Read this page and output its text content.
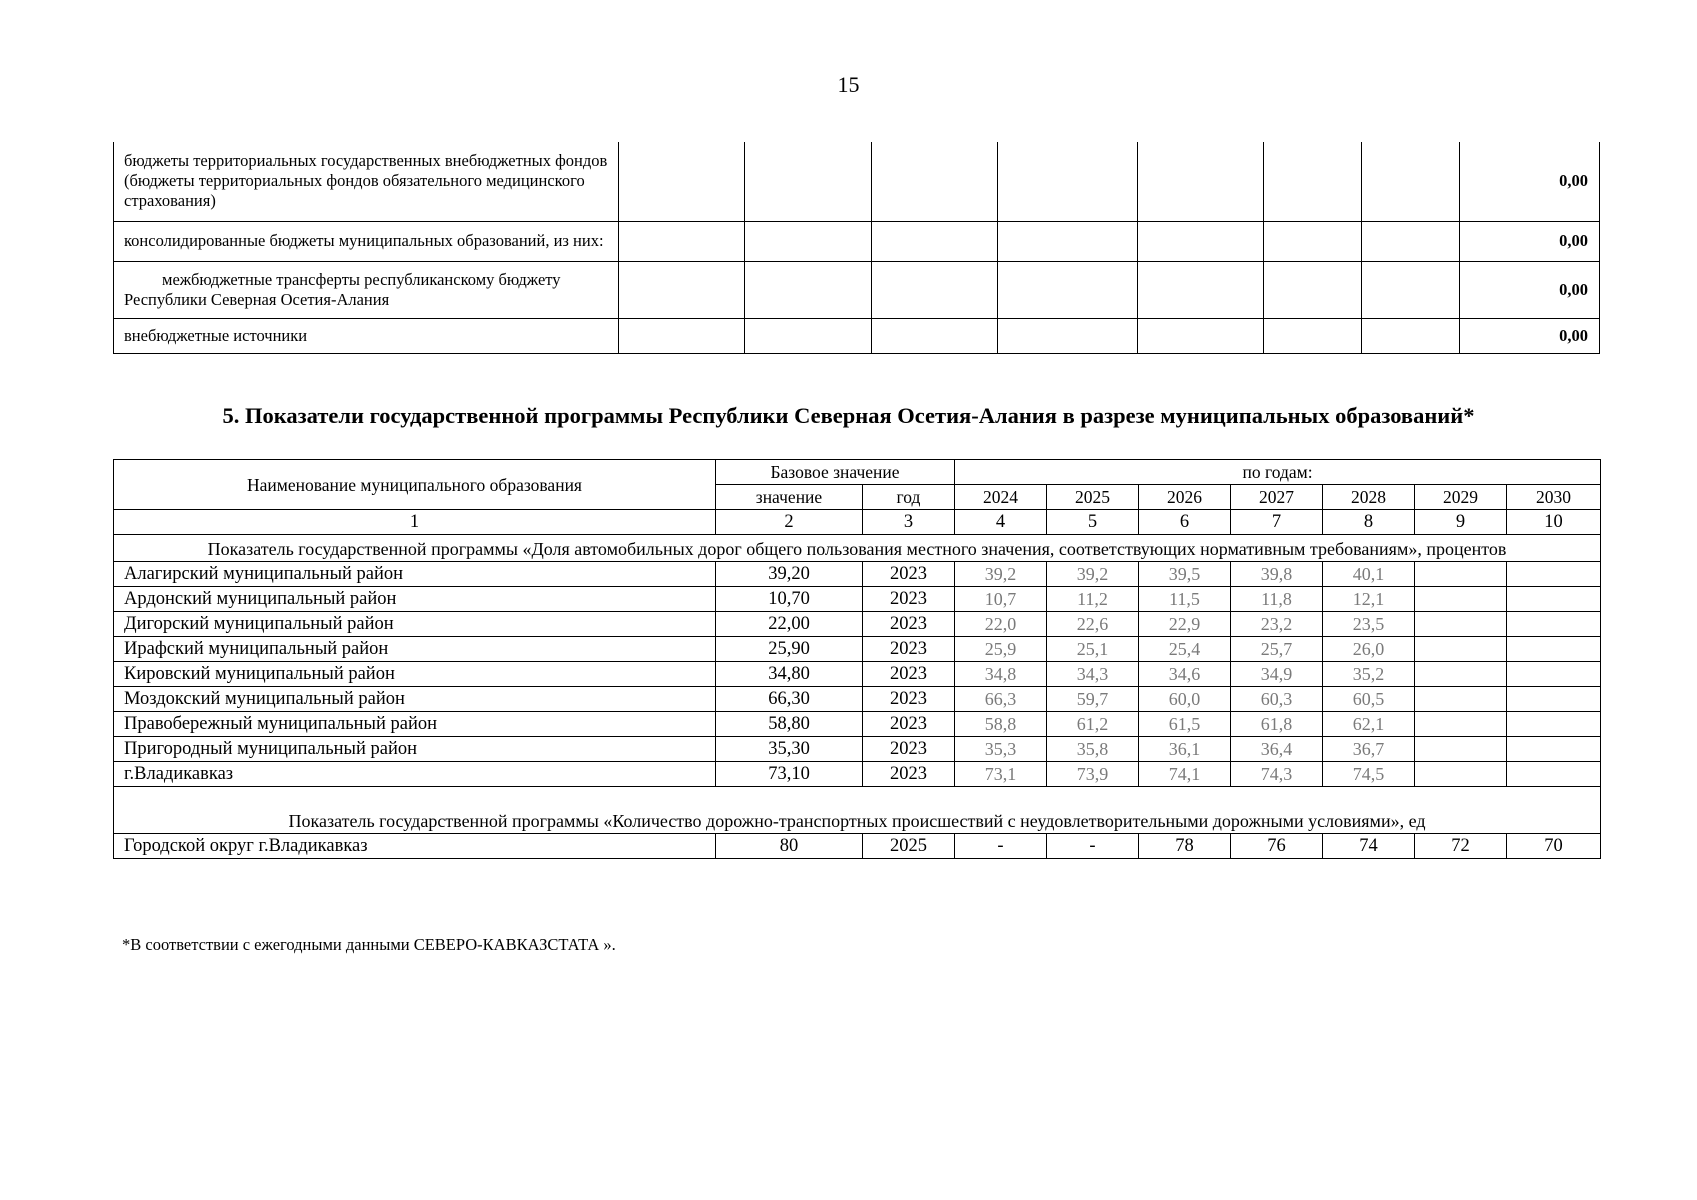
15
бюджеты территориальных государственных внебюджетных фондов (бюджеты территориальных фондов обязательного медицинского страхования)								0,00
консолидированные бюджеты муниципальных образований, из них:								0,00
межбюджетные трансферты республиканскому бюджету Республики Северная Осетия-Алания								0,00
внебюджетные источники								0,00
5. Показатели государственной программы Республики Северная Осетия-Алания в разрезе муниципальных образований*
Наименование муниципального образования	Базовое значение		по годам:						
	значение	год	2024	2025	2026	2027	2028	2029	2030
1	2	3	4	5	6	7	8	9	10
Показатель государственной программы «Доля автомобильных дорог общего пользования местного значения, соответствующих нормативным требованиям», процентов									
Алагирский муниципальный район	39,20	2023	39,2	39,2	39,5	39,8	40,1		
Ардонский муниципальный район	10,70	2023	10,7	11,2	11,5	11,8	12,1		
Дигорский муниципальный район	22,00	2023	22,0	22,6	22,9	23,2	23,5		
Ирафский муниципальный район	25,90	2023	25,9	25,1	25,4	25,7	26,0		
Кировский муниципальный район	34,80	2023	34,8	34,3	34,6	34,9	35,2		
Моздокский муниципальный район	66,30	2023	66,3	59,7	60,0	60,3	60,5		
Правобережный муниципальный район	58,80	2023	58,8	61,2	61,5	61,8	62,1		
Пригородный муниципальный район	35,30	2023	35,3	35,8	36,1	36,4	36,7		
г.Владикавказ	73,10	2023	73,1	73,9	74,1	74,3	74,5		
Показатель государственной программы «Количество дорожно-транспортных происшествий с неудовлетворительными дорожными условиями», ед									
Городской округ г.Владикавказ	80	2025	-	-	78	76	74	72	70
*В соответствии с ежегодными данными СЕВЕРО-КАВКАЗСТАТА ».
